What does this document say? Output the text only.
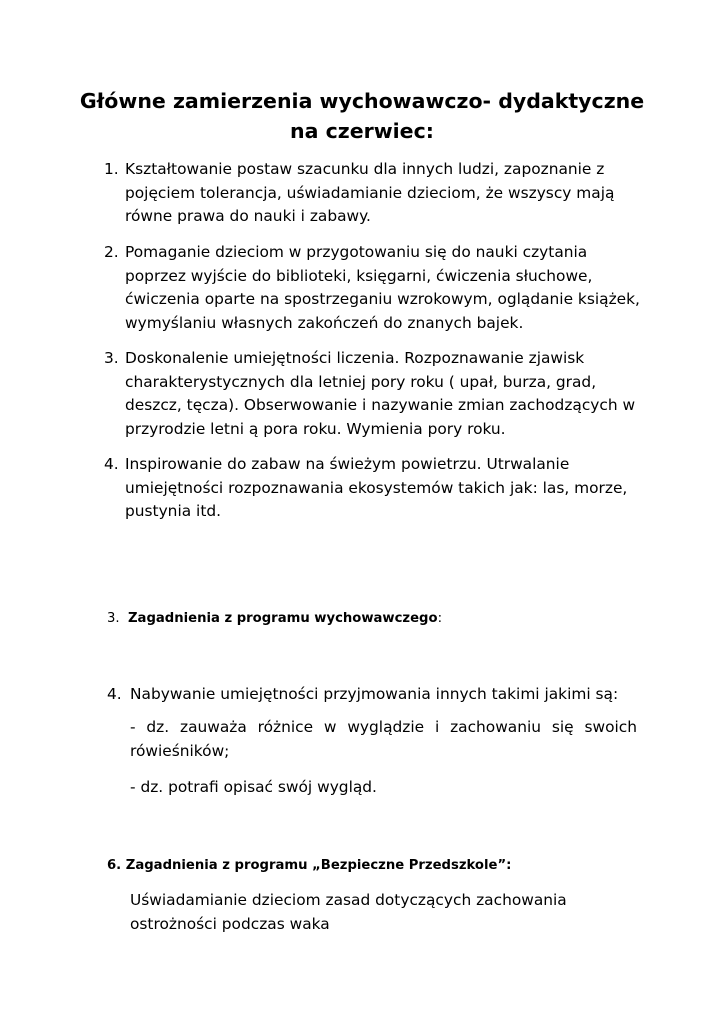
Główne zamierzenia wychowawczo- dydaktyczne
na czerwiec:
1. Kształtowanie postaw szacunku dla innych ludzi, zapoznanie z pojęciem tolerancja, uświadamianie dzieciom, że wszyscy mają równe prawa do nauki i zabawy.
2. Pomaganie dzieciom w przygotowaniu się do nauki czytania poprzez wyjście do biblioteki, księgarni, ćwiczenia słuchowe, ćwiczenia oparte na spostrzeganiu wzrokowym, oglądanie książek, wymyślaniu własnych zakończeń do znanych bajek.
3. Doskonalenie umiejętności liczenia. Rozpoznawanie zjawisk charakterystycznych dla letniej pory roku ( upał, burza, grad, deszcz, tęcza). Obserwowanie i nazywanie zmian zachodzących w przyrodzie letni ą pora roku. Wymienia pory roku.
4. Inspirowanie do zabaw na świeżym powietrzu. Utrwalanie umiejętności rozpoznawania ekosystemów takich jak: las, morze, pustynia itd.
3. Zagadnienia z programu wychowawczego:
4. Nabywanie umiejętności przyjmowania innych takimi jakimi są:
- dz. zauważa różnice w wyglądzie i zachowaniu się swoich rówieśników;
- dz. potrafi opisać swój wygląd.
6. Zagadnienia z programu „Bezpieczne Przedszkole”:
Uświadamianie dzieciom zasad dotyczących zachowania ostrożności podczas waka
